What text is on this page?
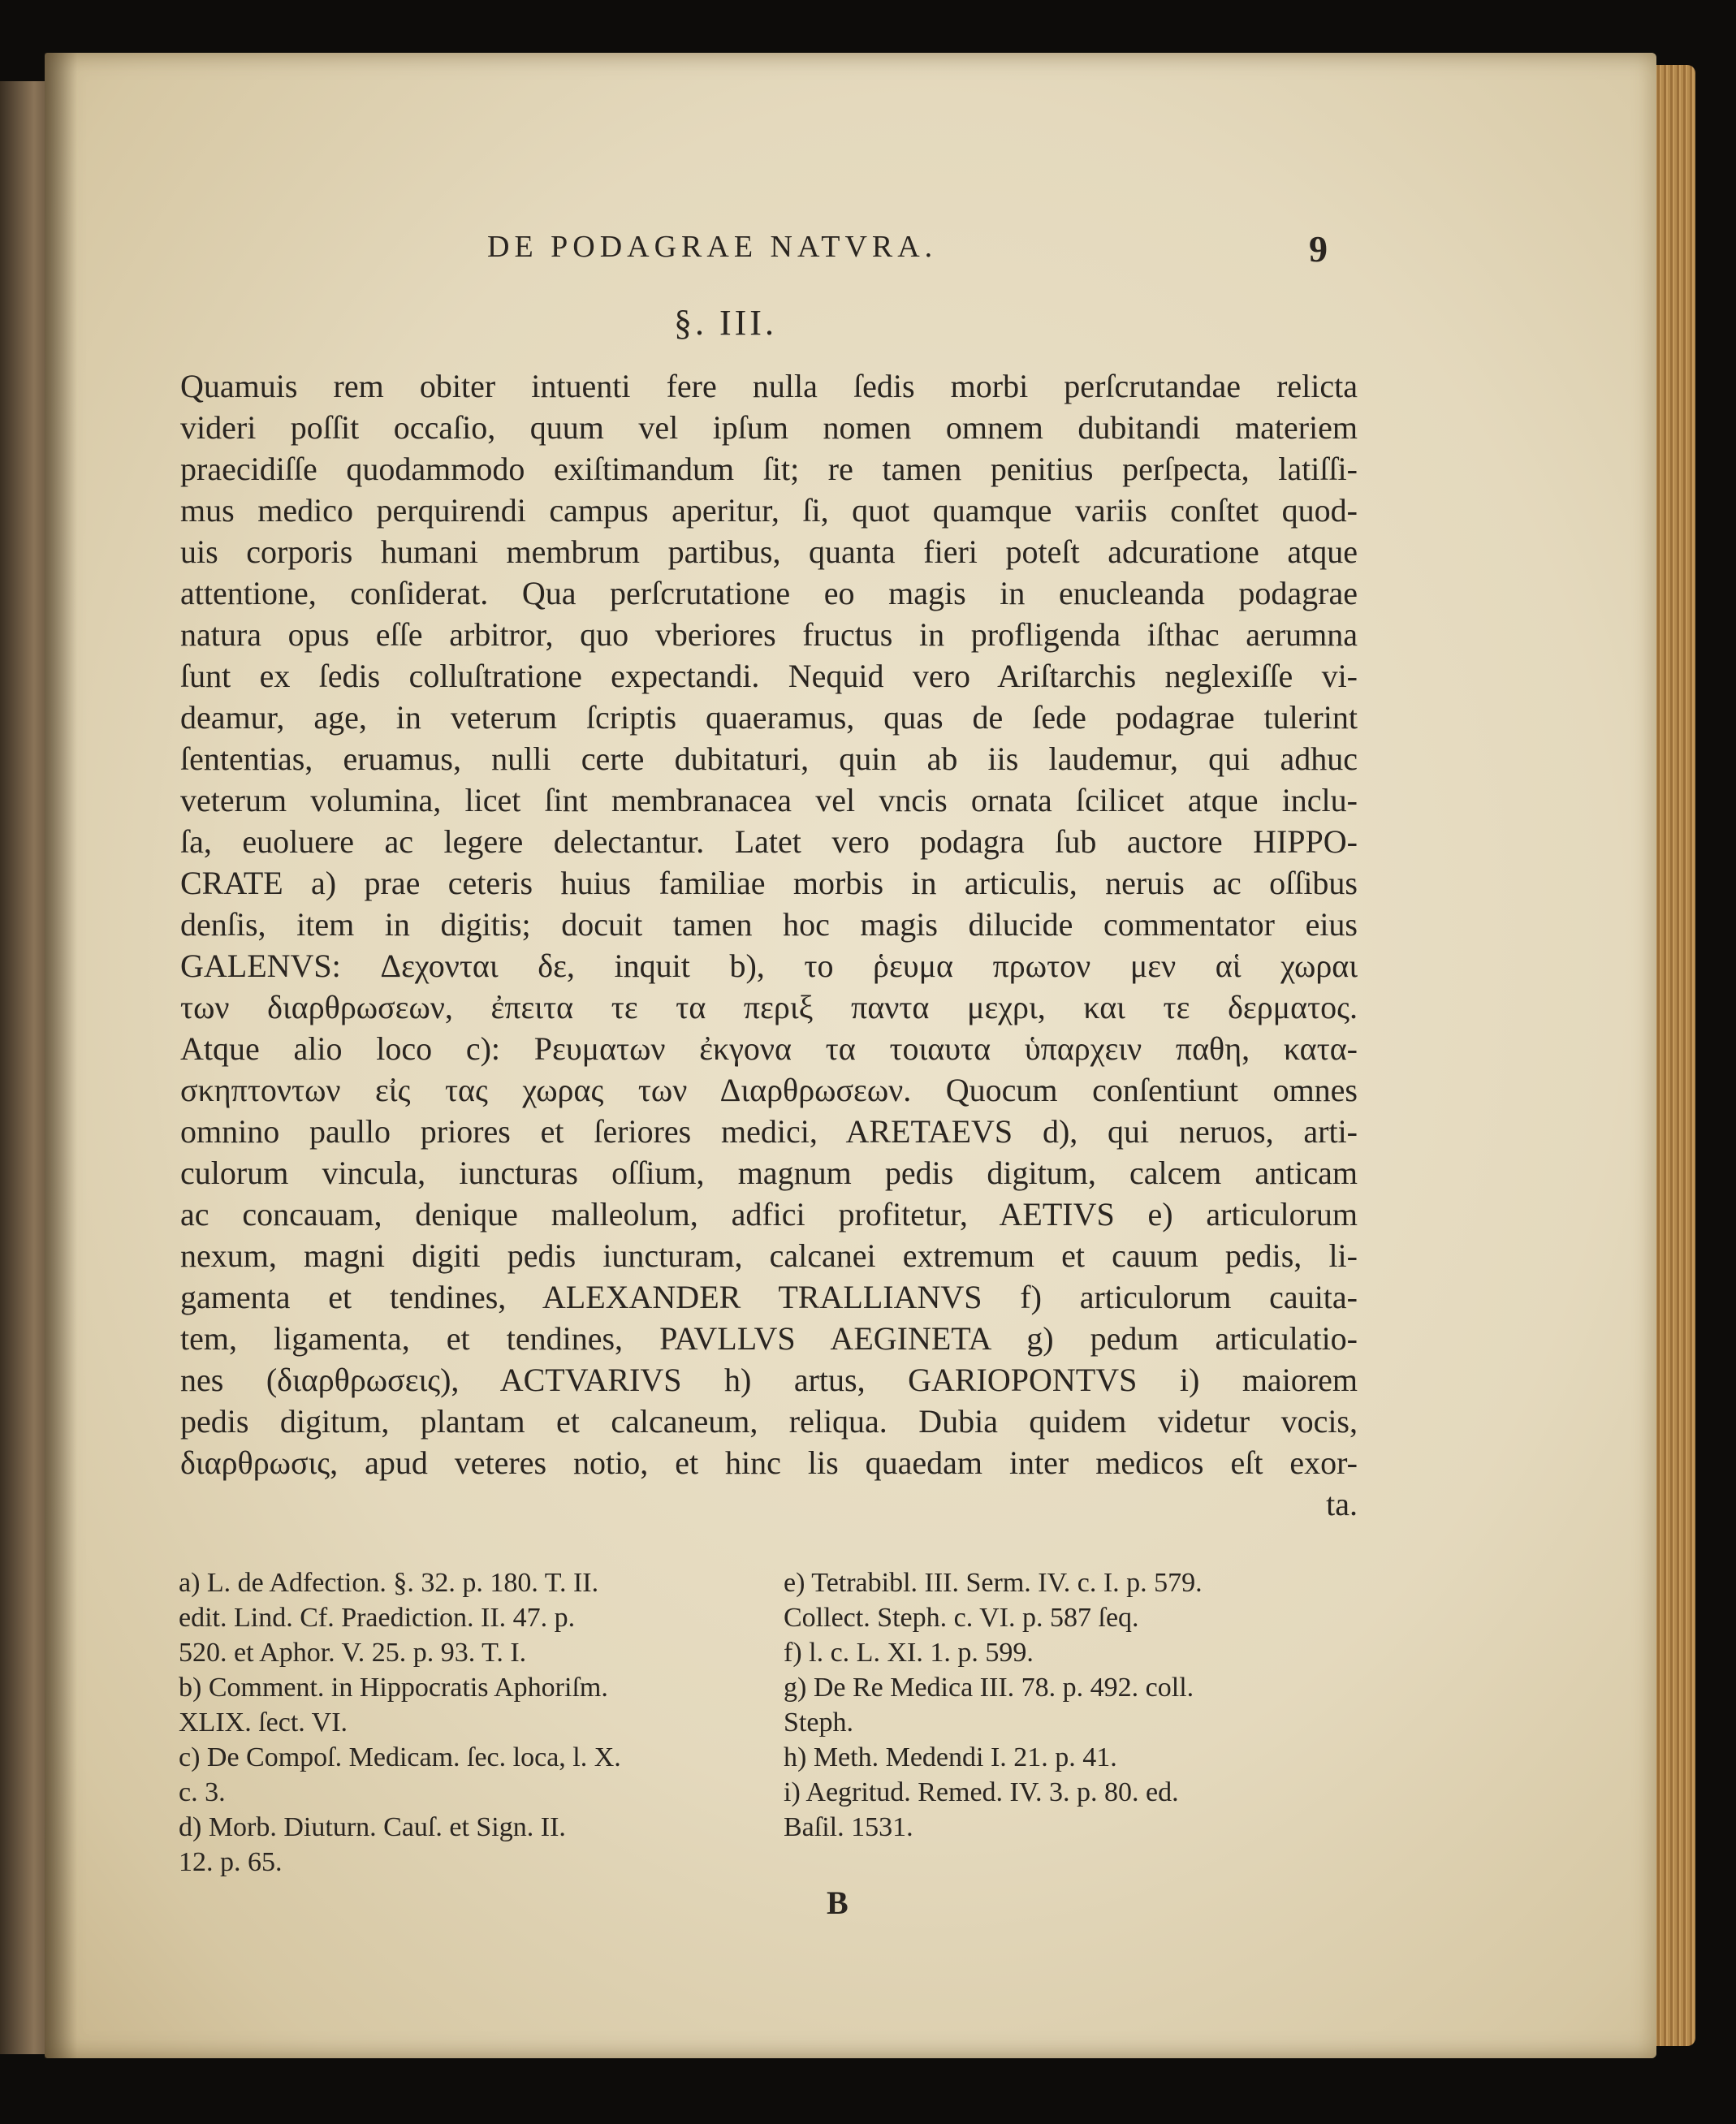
DE PODAGRAE NATVRA.	9
§. III.
Quamuis rem obiter intuenti fere nulla ſedis morbi perſcrutandae relicta
videri poſſit occaſio, quum vel ipſum nomen omnem dubitandi materiem
praecidiſſe quodammodo exiſtimandum ſit; re tamen penitius perſpecta, latiſſi-
mus medico perquirendi campus aperitur, ſi, quot quamque variis conſtet quod-
uis corporis humani membrum partibus, quanta fieri poteſt adcuratione atque
attentione, conſiderat. Qua perſcrutatione eo magis in enucleanda podagrae
natura opus eſſe arbitror, quo vberiores fructus in profligenda iſthac aerumna
ſunt ex ſedis colluſtratione expectandi. Nequid vero Ariſtarchis neglexiſſe vi-
deamur, age, in veterum ſcriptis quaeramus, quas de ſede podagrae tulerint
ſententias, eruamus, nulli certe dubitaturi, quin ab iis laudemur, qui adhuc
veterum volumina, licet ſint membranacea vel vncis ornata ſcilicet atque inclu-
ſa, euoluere ac legere delectantur. Latet vero podagra ſub auctore HIPPO-
CRATE a) prae ceteris huius familiae morbis in articulis, neruis ac oſſibus
denſis, item in digitis; docuit tamen hoc magis dilucide commentator eius
GALENVS: Δεχονται δε, inquit b), το ῥευμα πρωτον μεν αἱ χωραι
των διαρθρωσεων, ἐπειτα τε τα περιξ παντα μεχρι, και τε δερματος.
Atque alio loco c): Ρευματων ἐκγονα τα τοιαυτα ὑπαρχειν παθη, κατα-
σκηπτοντων εἰς τας χωρας των Διαρθρωσεων. Quocum conſentiunt omnes
omnino paullo priores et ſeriores medici, ARETAEVS d), qui neruos, arti-
culorum vincula, iuncturas oſſium, magnum pedis digitum, calcem anticam
ac concauam, denique malleolum, adfici profitetur, AETIVS e) articulorum
nexum, magni digiti pedis iuncturam, calcanei extremum et cauum pedis, li-
gamenta et tendines, ALEXANDER TRALLIANVS f) articulorum cauita-
tem, ligamenta, et tendines, PAVLLVS AEGINETA g) pedum articulatio-
nes (διαρθρωσεις), ACTVARIVS h) artus, GARIOPONTVS i) maiorem
pedis digitum, plantam et calcaneum, reliqua. Dubia quidem videtur vocis,
διαρθρωσις, apud veteres notio, et hinc lis quaedam inter medicos eſt exor-
ta.
a) L. de Adfection. §. 32. p. 180. T. II.
edit. Lind. Cf. Praediction. II. 47. p.
520. et Aphor. V. 25. p. 93. T. I.
b) Comment. in Hippocratis Aphoriſm.
XLIX. ſect. VI.
c) De Compoſ. Medicam. ſec. loca, l. X.
c. 3.
d) Morb. Diuturn. Cauſ. et Sign. II.
12. p. 65.
e) Tetrabibl. III. Serm. IV. c. I. p. 579.
Collect. Steph. c. VI. p. 587 ſeq.
f) l. c. L. XI. 1. p. 599.
g) De Re Medica III. 78. p. 492. coll.
Steph.
h) Meth. Medendi I. 21. p. 41.
i) Aegritud. Remed. IV. 3. p. 80. ed.
Baſil. 1531.
B
